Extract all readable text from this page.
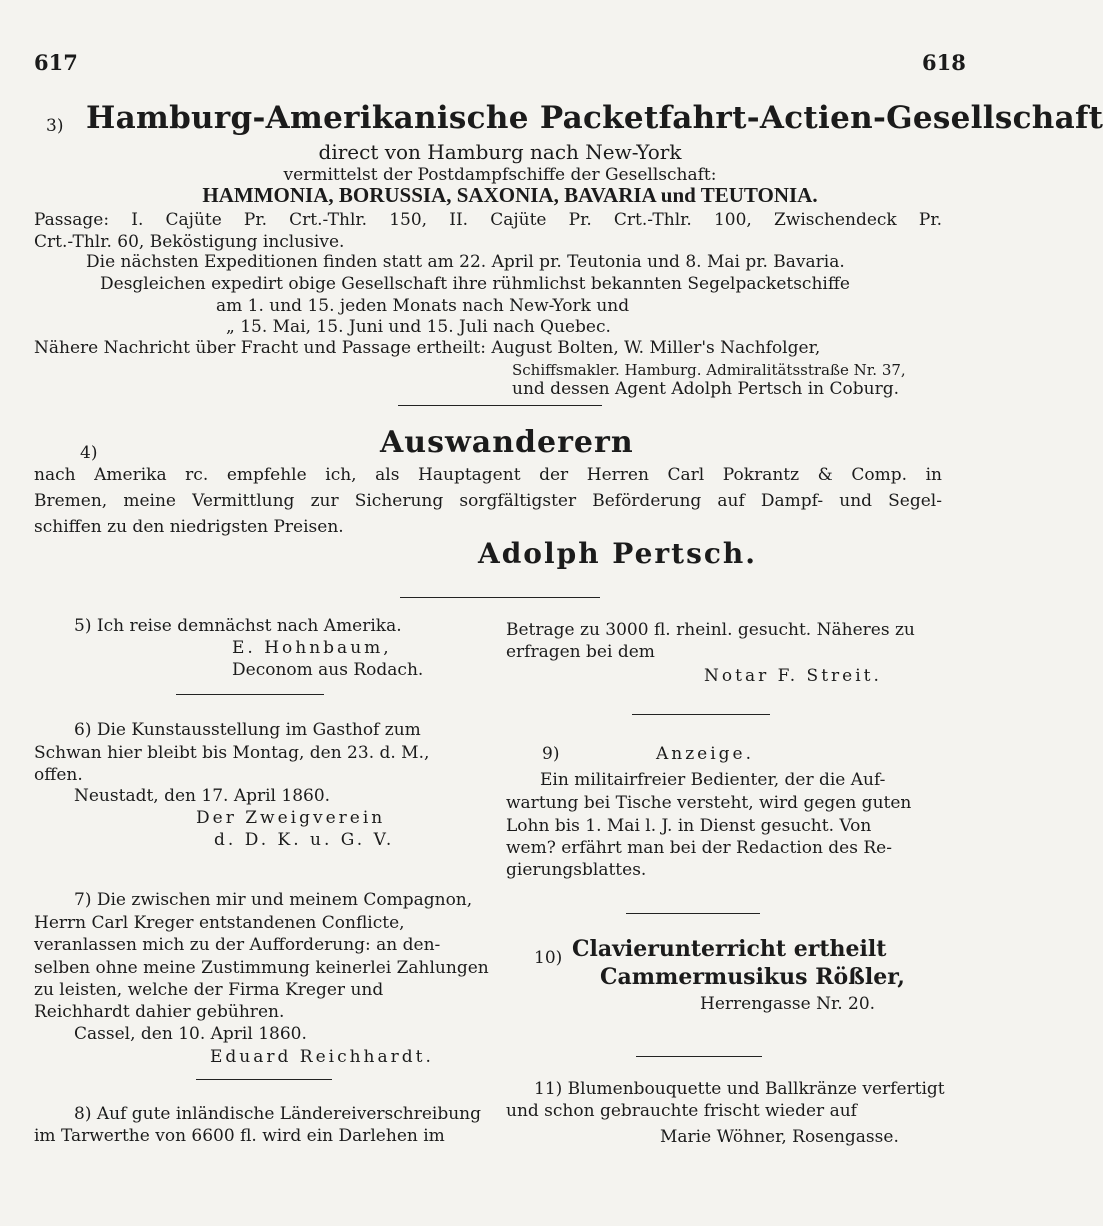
617	618
3) Hamburg-Amerikanische Packetfahrt-Actien-Gesellschaft
direct von Hamburg nach New-York
vermittelst der Postdampfschiffe der Gesellschaft:
HAMMONIA, BORUSSIA, SAXONIA, BAVARIA und TEUTONIA.
Passage: I. Cajüte Pr. Crt.-Thlr. 150, II. Cajüte Pr. Crt.-Thlr. 100, Zwischendeck Pr.
Crt.-Thlr. 60, Beköstigung inclusive.
Die nächsten Expeditionen finden statt am 22. April pr. Teutonia und 8. Mai pr. Bavaria.
Desgleichen expedirt obige Gesellschaft ihre rühmlichst bekannten Segelpacketschiffe
am 1. und 15. jeden Monats nach New-York und
„ 15. Mai, 15. Juni und 15. Juli nach Quebec.
Nähere Nachricht über Fracht und Passage ertheilt: August Bolten, W. Miller's Nachfolger,
Schiffsmakler. Hamburg. Admiralitätsstraße Nr. 37,
und dessen Agent Adolph Pertsch in Coburg.
4)	Auswanderern
nach Amerika rc. empfehle ich, als Hauptagent der Herren Carl Pokrantz & Comp. in
Bremen, meine Vermittlung zur Sicherung sorgfältigster Beförderung auf Dampf- und Segel-
schiffen zu den niedrigsten Preisen.
Adolph Pertsch.
5) Ich reise demnächst nach Amerika.
E. Hohnbaum,
Deconom aus Rodach.
6) Die Kunstausstellung im Gasthof zum
Schwan hier bleibt bis Montag, den 23. d. M.,
offen.
Neustadt, den 17. April 1860.
Der Zweigverein
d. D. K. u. G. V.
7) Die zwischen mir und meinem Compagnon,
Herrn Carl Kreger entstandenen Conflicte,
veranlassen mich zu der Aufforderung: an den-
selben ohne meine Zustimmung keinerlei Zahlungen
zu leisten, welche der Firma Kreger und
Reichhardt dahier gebühren.
Cassel, den 10. April 1860.
Eduard Reichhardt.
8) Auf gute inländische Ländereiverschreibung
im Tarwerthe von 6600 fl. wird ein Darlehen im
Betrage zu 3000 fl. rheinl. gesucht. Näheres zu
erfragen bei dem
Notar F. Streit.
9)	Anzeige.
Ein militairfreier Bedienter, der die Auf-
wartung bei Tische versteht, wird gegen guten
Lohn bis 1. Mai l. J. in Dienst gesucht. Von
wem? erfährt man bei der Redaction des Re-
gierungsblattes.
10) Clavierunterricht ertheilt
Cammermusikus Rößler,
Herrengasse Nr. 20.
11) Blumenbouquette und Ballkränze verfertigt
und schon gebrauchte frischt wieder auf
Marie Wöhner, Rosengasse.
